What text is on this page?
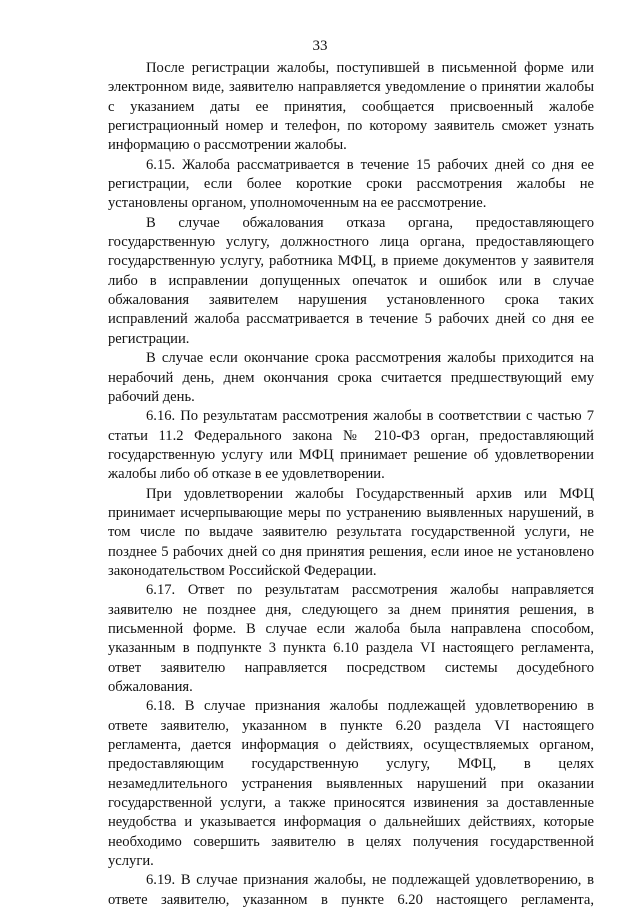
33

После регистрации жалобы, поступившей в письменной форме или электронном виде, заявителю направляется уведомление о принятии жалобы с указанием даты ее принятия, сообщается присвоенный жалобе регистрационный номер и телефон, по которому заявитель сможет узнать информацию о рассмотрении жалобы.

6.15. Жалоба рассматривается в течение 15 рабочих дней со дня ее регистрации, если более короткие сроки рассмотрения жалобы не установлены органом, уполномоченным на ее рассмотрение.

В случае обжалования отказа органа, предоставляющего государственную услугу, должностного лица органа, предоставляющего государственную услугу, работника МФЦ, в приеме документов у заявителя либо в исправлении допущенных опечаток и ошибок или в случае обжалования заявителем нарушения установленного срока таких исправлений жалоба рассматривается в течение 5 рабочих дней со дня ее регистрации.

В случае если окончание срока рассмотрения жалобы приходится на нерабочий день, днем окончания срока считается предшествующий ему рабочий день.

6.16. По результатам рассмотрения жалобы в соответствии с частью 7 статьи 11.2 Федерального закона № 210-ФЗ орган, предоставляющий государственную услугу или МФЦ принимает решение об удовлетворении жалобы либо об отказе в ее удовлетворении.

При удовлетворении жалобы Государственный архив или МФЦ принимает исчерпывающие меры по устранению выявленных нарушений, в том числе по выдаче заявителю результата государственной услуги, не позднее 5 рабочих дней со дня принятия решения, если иное не установлено законодательством Российской Федерации.

6.17. Ответ по результатам рассмотрения жалобы направляется заявителю не позднее дня, следующего за днем принятия решения, в письменной форме. В случае если жалоба была направлена способом, указанным в подпункте 3 пункта 6.10 раздела VI настоящего регламента, ответ заявителю направляется посредством системы досудебного обжалования.

6.18. В случае признания жалобы подлежащей удовлетворению в ответе заявителю, указанном в пункте 6.20 раздела VI настоящего регламента, дается информация о действиях, осуществляемых органом, предоставляющим государственную услугу, МФЦ, в целях незамедлительного устранения выявленных нарушений при оказании государственной услуги, а также приносятся извинения за доставленные неудобства и указывается информация о дальнейших действиях, которые необходимо совершить заявителю в целях получения государственной услуги.

6.19. В случае признания жалобы, не подлежащей удовлетворению, в ответе заявителю, указанном в пункте 6.20 настоящего регламента,
